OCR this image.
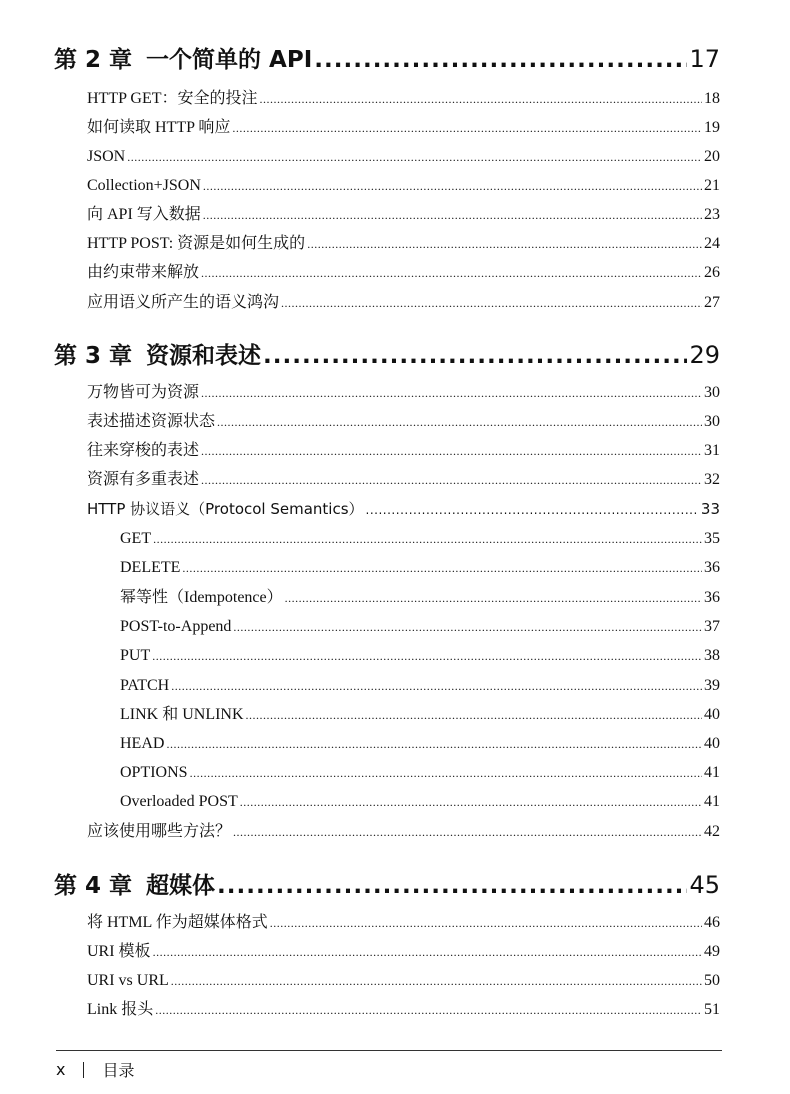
第 2 章 一个简单的 API .....	17
HTTP GET：安全的投注 .....	18
如何读取 HTTP 响应 .....	19
JSON .....	20
Collection+JSON .....	21
向 API 写入数据 .....	23
HTTP POST: 资源是如何生成的 .....	24
由约束带来解放 .....	26
应用语义所产生的语义鸿沟 .....	27
第 3 章 资源和表述 .....	29
万物皆可为资源 .....	30
表述描述资源状态 .....	30
往来穿梭的表述 .....	31
资源有多重表述 .....	32
HTTP 协议语义（Protocol Semantics） .....	33
GET .....	35
DELETE .....	36
幂等性（Idempotence） .....	36
POST-to-Append .....	37
PUT .....	38
PATCH .....	39
LINK 和 UNLINK .....	40
HEAD .....	40
OPTIONS .....	41
Overloaded POST .....	41
应该使用哪些方法？ .....	42
第 4 章 超媒体 .....	45
将 HTML 作为超媒体格式 .....	46
URI 模板 .....	49
URI vs URL .....	50
Link 报头 .....	51
x 目录
